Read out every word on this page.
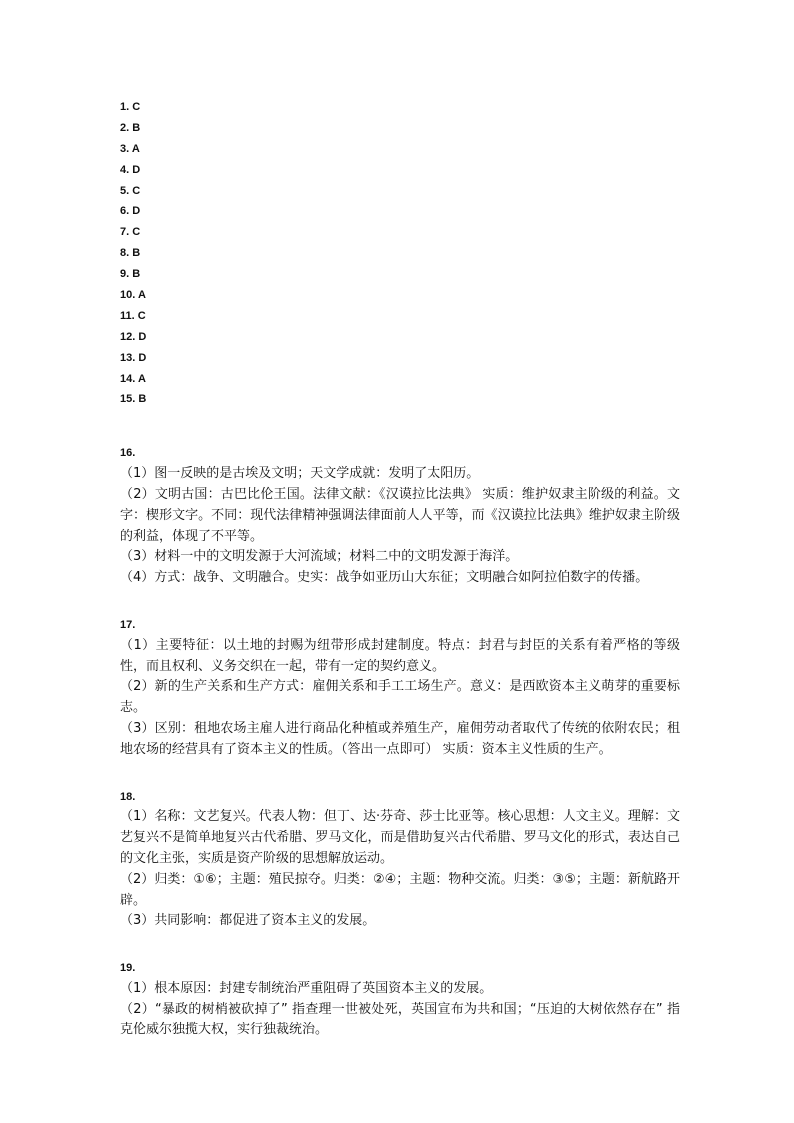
1. C
2. B
3. A
4. D
5. C
6. D
7. C
8. B
9. B
10. A
11. C
12. D
13. D
14. A
15. B
16.
（1）图一反映的是古埃及文明；天文学成就：发明了太阳历。
（2）文明古国：古巴比伦王国。法律文献：《汉谟拉比法典》 实质：维护奴隶主阶级的利益。文字：楔形文字。不同：现代法律精神强调法律面前人人平等，而《汉谟拉比法典》维护奴隶主阶级的利益，体现了不平等。
（3）材料一中的文明发源于大河流域；材料二中的文明发源于海洋。
（4）方式：战争、文明融合。史实：战争如亚历山大东征；文明融合如阿拉伯数字的传播。
17.
（1）主要特征：以土地的封赐为纽带形成封建制度。特点：封君与封臣的关系有着严格的等级性，而且权利、义务交织在一起，带有一定的契约意义。
（2）新的生产关系和生产方式：雇佣关系和手工工场生产。意义：是西欧资本主义萌芽的重要标志。
（3）区别：租地农场主雇人进行商品化种植或养殖生产，雇佣劳动者取代了传统的依附农民；租地农场的经营具有了资本主义的性质。（答出一点即可） 实质：资本主义性质的生产。
18.
（1）名称：文艺复兴。代表人物：但丁、达·芬奇、莎士比亚等。核心思想：人文主义。理解：文艺复兴不是简单地复兴古代希腊、罗马文化，而是借助复兴古代希腊、罗马文化的形式，表达自己的文化主张，实质是资产阶级的思想解放运动。
（2）归类：①⑥；主题：殖民掠夺。归类：②④；主题：物种交流。归类：③⑤；主题：新航路开辟。
（3）共同影响：都促进了资本主义的发展。
19.
（1）根本原因：封建专制统治严重阻碍了英国资本主义的发展。
（2）“暴政的树梢被砍掉了” 指查理一世被处死，英国宣布为共和国；“压迫的大树依然存在” 指克伦威尔独揽大权，实行独裁统治。
